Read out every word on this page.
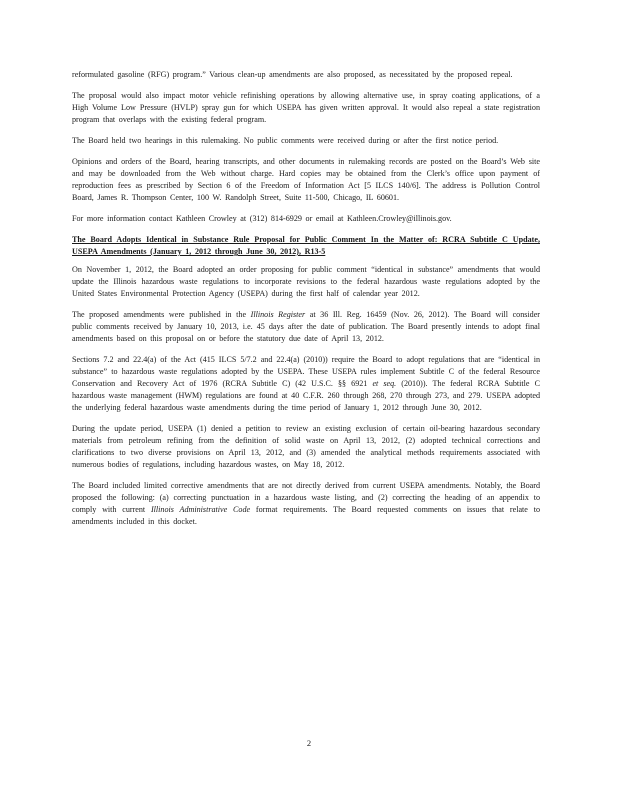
reformulated gasoline (RFG) program.” Various clean-up amendments are also proposed, as necessitated by the proposed repeal.

The proposal would also impact motor vehicle refinishing operations by allowing alternative use, in spray coating applications, of a High Volume Low Pressure (HVLP) spray gun for which USEPA has given written approval. It would also repeal a state registration program that overlaps with the existing federal program.

The Board held two hearings in this rulemaking. No public comments were received during or after the first notice period.

Opinions and orders of the Board, hearing transcripts, and other documents in rulemaking records are posted on the Board’s Web site and may be downloaded from the Web without charge. Hard copies may be obtained from the Clerk’s office upon payment of reproduction fees as prescribed by Section 6 of the Freedom of Information Act [5 ILCS 140/6]. The address is Pollution Control Board, James R. Thompson Center, 100 W. Randolph Street, Suite 11-500, Chicago, IL 60601.

For more information contact Kathleen Crowley at (312) 814-6929 or email at Kathleen.Crowley@illinois.gov.

The Board Adopts Identical in Substance Rule Proposal for Public Comment In the Matter of: RCRA Subtitle C Update, USEPA Amendments (January 1, 2012 through June 30, 2012), R13-5

On November 1, 2012, the Board adopted an order proposing for public comment “identical in substance” amendments that would update the Illinois hazardous waste regulations to incorporate revisions to the federal hazardous waste regulations adopted by the United States Environmental Protection Agency (USEPA) during the first half of calendar year 2012.

The proposed amendments were published in the Illinois Register at 36 Ill. Reg. 16459 (Nov. 26, 2012). The Board will consider public comments received by January 10, 2013, i.e. 45 days after the date of publication. The Board presently intends to adopt final amendments based on this proposal on or before the statutory due date of April 13, 2012.

Sections 7.2 and 22.4(a) of the Act (415 ILCS 5/7.2 and 22.4(a) (2010)) require the Board to adopt regulations that are “identical in substance” to hazardous waste regulations adopted by the USEPA. These USEPA rules implement Subtitle C of the federal Resource Conservation and Recovery Act of 1976 (RCRA Subtitle C) (42 U.S.C. §§ 6921 et seq. (2010)). The federal RCRA Subtitle C hazardous waste management (HWM) regulations are found at 40 C.F.R. 260 through 268, 270 through 273, and 279. USEPA adopted the underlying federal hazardous waste amendments during the time period of January 1, 2012 through June 30, 2012.

During the update period, USEPA (1) denied a petition to review an existing exclusion of certain oil-bearing hazardous secondary materials from petroleum refining from the definition of solid waste on April 13, 2012, (2) adopted technical corrections and clarifications to two diverse provisions on April 13, 2012, and (3) amended the analytical methods requirements associated with numerous bodies of regulations, including hazardous wastes, on May 18, 2012.

The Board included limited corrective amendments that are not directly derived from current USEPA amendments. Notably, the Board proposed the following: (a) correcting punctuation in a hazardous waste listing, and (2) correcting the heading of an appendix to comply with current Illinois Administrative Code format requirements. The Board requested comments on issues that relate to amendments included in this docket.

2
